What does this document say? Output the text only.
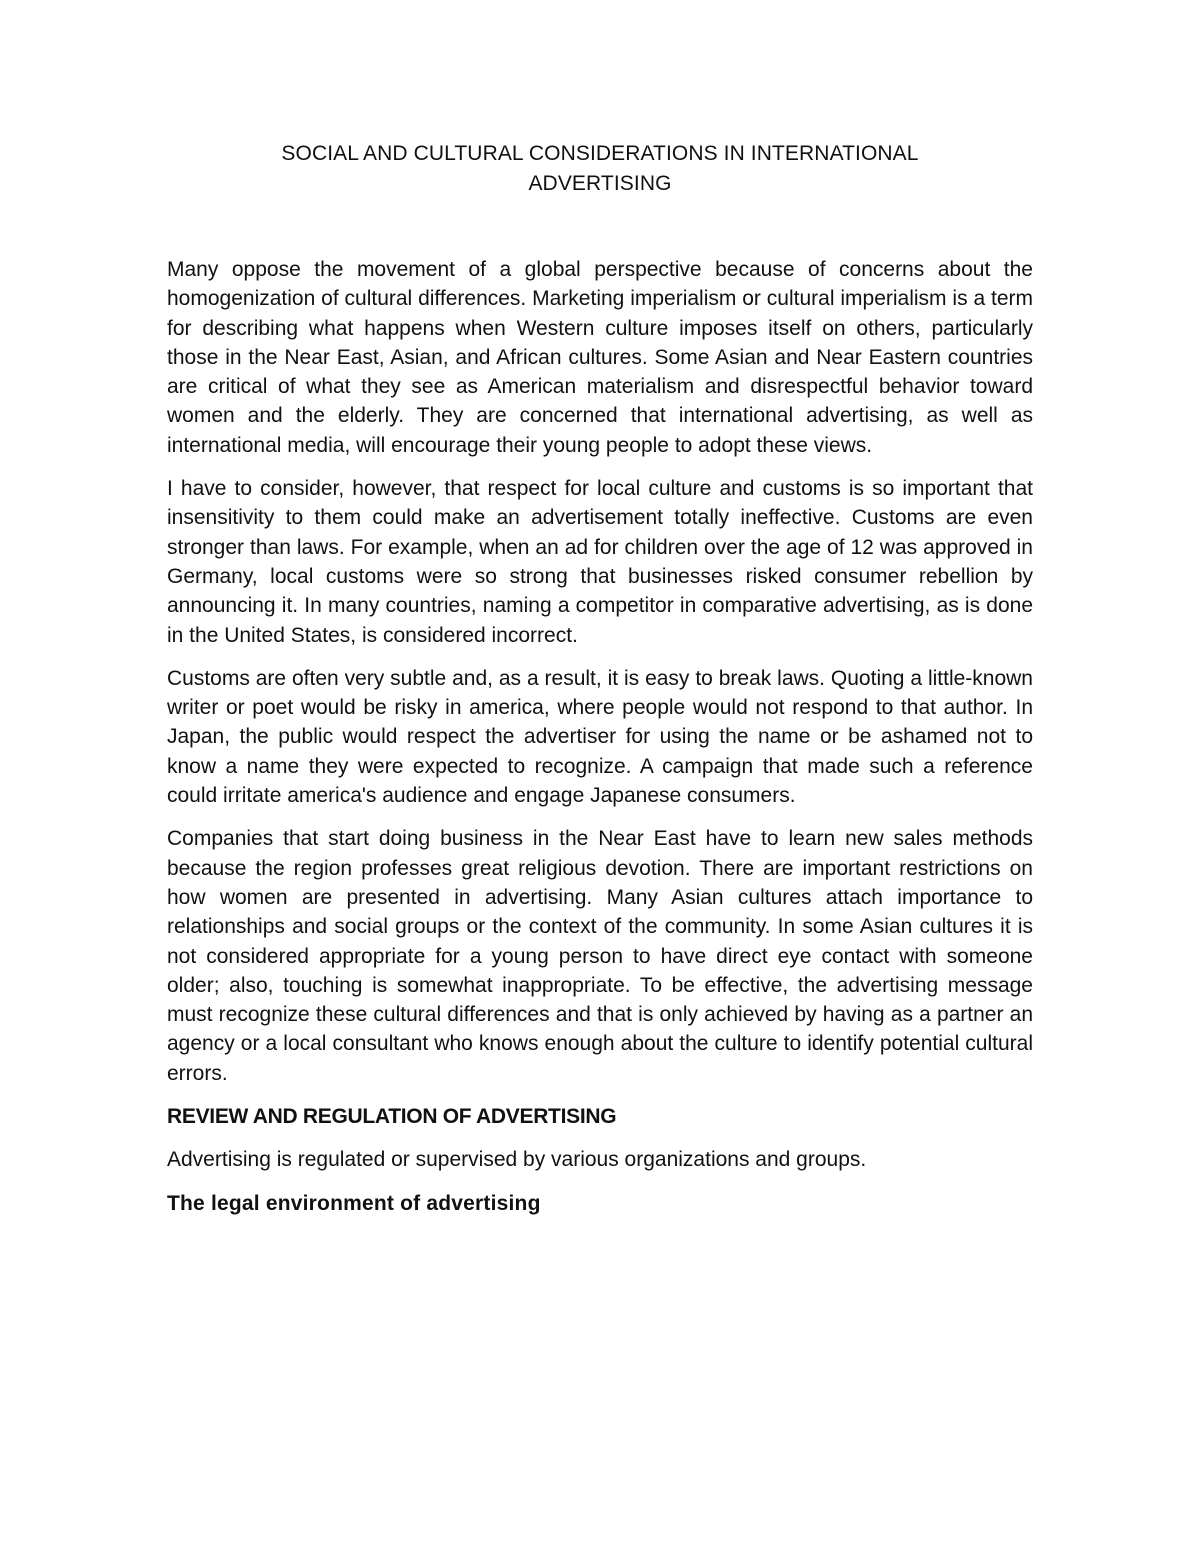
SOCIAL AND CULTURAL CONSIDERATIONS IN INTERNATIONAL
ADVERTISING

Many oppose the movement of a global perspective because of concerns about the homogenization of cultural differences. Marketing imperialism or cultural imperialism is a term for describing what happens when Western culture imposes itself on others, particularly those in the Near East, Asian, and African cultures. Some Asian and Near Eastern countries are critical of what they see as American materialism and disrespectful behavior toward women and the elderly. They are concerned that international advertising, as well as international media, will encourage their young people to adopt these views.

I have to consider, however, that respect for local culture and customs is so important that insensitivity to them could make an advertisement totally ineffective. Customs are even stronger than laws. For example, when an ad for children over the age of 12 was approved in Germany, local customs were so strong that businesses risked consumer rebellion by announcing it. In many countries, naming a competitor in comparative advertising, as is done in the United States, is considered incorrect.

Customs are often very subtle and, as a result, it is easy to break laws. Quoting a little-known writer or poet would be risky in america, where people would not respond to that author. In Japan, the public would respect the advertiser for using the name or be ashamed not to know a name they were expected to recognize. A campaign that made such a reference could irritate america's audience and engage Japanese consumers.

Companies that start doing business in the Near East have to learn new sales methods because the region professes great religious devotion. There are important restrictions on how women are presented in advertising. Many Asian cultures attach importance to relationships and social groups or the context of the community. In some Asian cultures it is not considered appropriate for a young person to have direct eye contact with someone older; also, touching is somewhat inappropriate. To be effective, the advertising message must recognize these cultural differences and that is only achieved by having as a partner an agency or a local consultant who knows enough about the culture to identify potential cultural errors.

REVIEW AND REGULATION OF ADVERTISING

Advertising is regulated or supervised by various organizations and groups.

The legal environment of advertising
